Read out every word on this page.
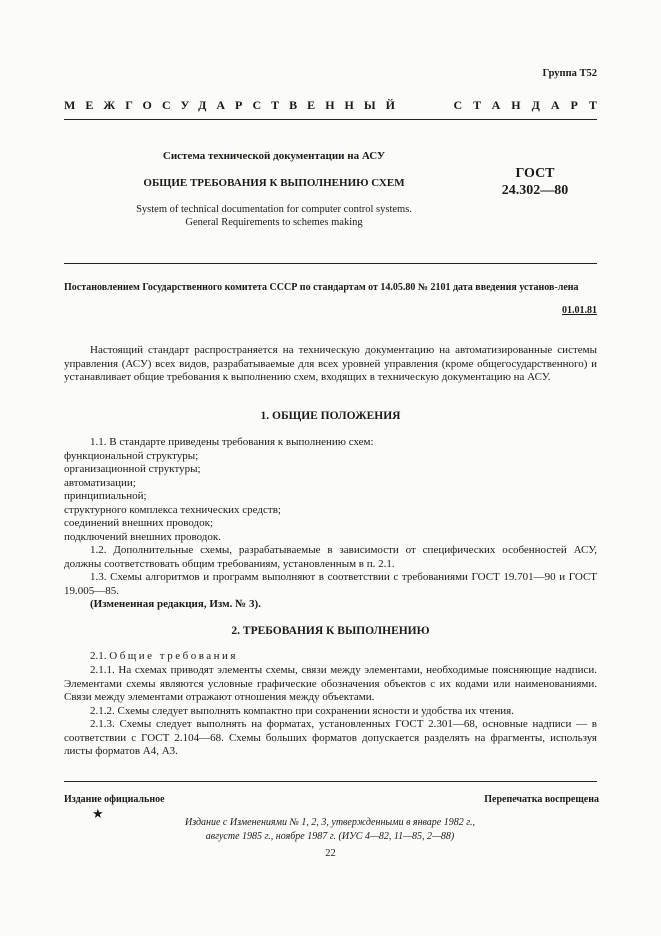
Группа Т52
МЕЖГОСУДАРСТВЕННЫЙ	СТАНДАРТ
Система технической документации на АСУ
ОБЩИЕ ТРЕБОВАНИЯ К ВЫПОЛНЕНИЮ СХЕМ
System of technical documentation for computer control systems.
General Requirements to schemes making
ГОСТ
24.302—80
Постановлением Государственного комитета СССР по стандартам от 14.05.80 № 2101 дата введения установ-лена
01.01.81
Настоящий стандарт распространяется на техническую документацию на автоматизированные системы управления (АСУ) всех видов, разрабатываемые для всех уровней управления (кроме общегосударственного) и устанавливает общие требования к выполнению схем, входящих в техническую документацию на АСУ.
1. ОБЩИЕ ПОЛОЖЕНИЯ
1.1. В стандарте приведены требования к выполнению схем:
функциональной структуры;
организационной структуры;
автоматизации;
принципиальной;
структурного комплекса технических средств;
соединений внешних проводок;
подключений внешних проводок.
1.2. Дополнительные схемы, разрабатываемые в зависимости от специфических особенностей АСУ, должны соответствовать общим требованиям, установленным в п. 2.1.
1.3. Схемы алгоритмов и программ выполняют в соответствии с требованиями ГОСТ 19.701—90 и ГОСТ 19.005—85.
(Измененная редакция, Изм. № 3).
2. ТРЕБОВАНИЯ К ВЫПОЛНЕНИЮ
2.1. Общие требования
2.1.1. На схемах приводят элементы схемы, связи между элементами, необходимые поясняющие надписи. Элементами схемы являются условные графические обозначения объектов с их кодами или наименованиями. Связи между элементами отражают отношения между объектами.
2.1.2. Схемы следует выполнять компактно при сохранении ясности и удобства их чтения.
2.1.3. Схемы следует выполнять на форматах, установленных ГОСТ 2.301—68, основные надписи — в соответствии с ГОСТ 2.104—68. Схемы больших форматов допускается разделять на фрагменты, используя листы форматов А4, А3.
Издание официальное	Перепечатка воспрещена
★
Издание с Изменениями № 1, 2, 3, утвержденными в январе 1982 г.,
августе 1985 г., ноябре 1987 г. (ИУС 4—82, 11—85, 2—88)
22
